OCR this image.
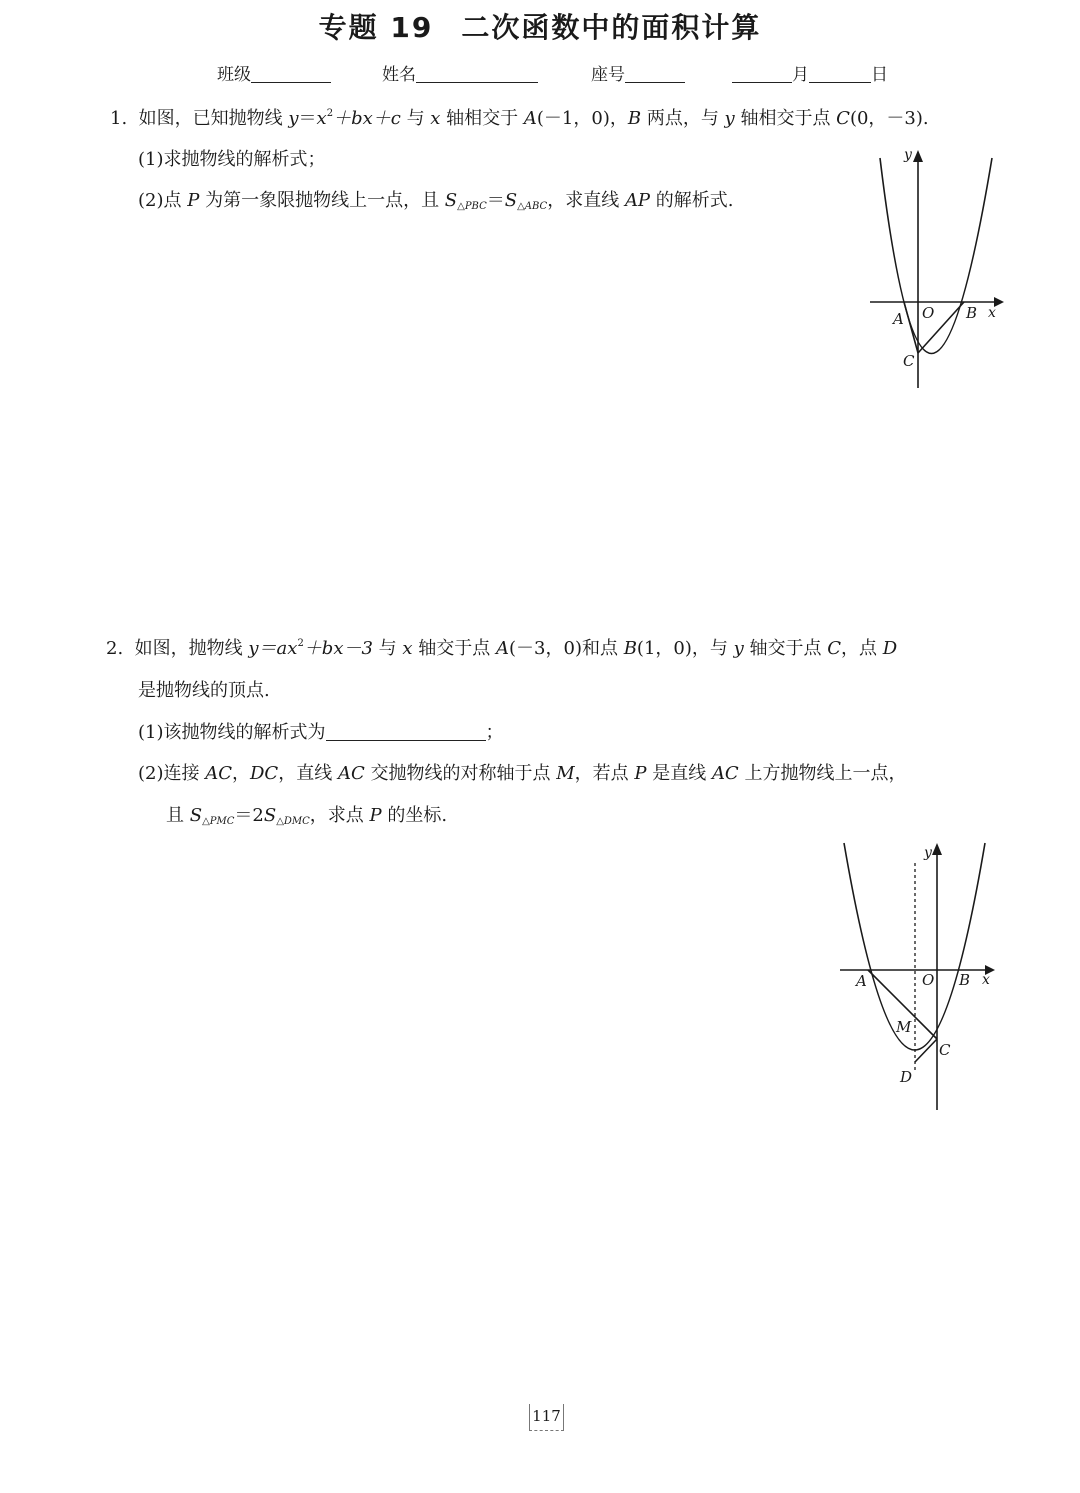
专题 19 二次函数中的面积计算
班级	姓名	座号	月	日
1. 如图，已知抛物线 $y=x^2+bx+c$ 与 x 轴相交于 A(－1，0)，B 两点，与 y 轴相交于点 C(0，－3).
(1)求抛物线的解析式；
(2)点 P 为第一象限抛物线上一点，且 $S_{\triangle PBC}=S_{\triangle ABC}$，求直线 AP 的解析式.
y
x
A O B
C
2. 如图，抛物线 $y=ax^2+bx-3$ 与 x 轴交于点 A(－3，0)和点 B(1，0)，与 y 轴交于点 C，点 D
是抛物线的顶点.
(1)该抛物线的解析式为	；
(2)连接 AC，DC，直线 AC 交抛物线的对称轴于点 M，若点 P 是直线 AC 上方抛物线上一点，
且 $S_{\triangle PMC}=2S_{\triangle DMC}$，求点 P 的坐标.
y
x
A	O B
M
C
D
117
